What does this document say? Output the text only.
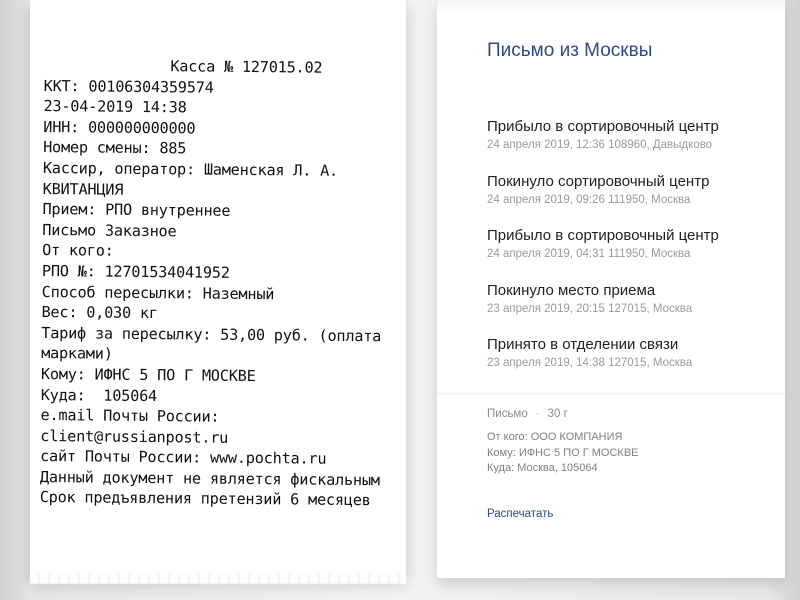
Касса № 127015.02
ККТ: 00106304359574
23-04-2019 14:38
ИНН: 000000000000
Номер смены: 885
Кассир, оператор: Шаменская Л. А.
КВИТАНЦИЯ
Прием: РПО внутреннее
Письмо Заказное
От кого:
РПО №: 12701534041952
Способ пересылки: Наземный
Вес: 0,030 кг
Тариф за пересылку: 53,00 руб. (оплата марками)
Кому: ИФНС 5 ПО Г МОСКВЕ
Куда:  105064
e.mail Почты России:
client@russianpost.ru
сайт Почты России: www.pochta.ru
Данный документ не является фискальным
Срок предъявления претензий 6 месяцев
Письмо из Москвы
Прибыло в сортировочный центр
24 апреля 2019, 12:36 108960, Давыдково
Покинуло сортировочный центр
24 апреля 2019, 09:26 111950, Москва
Прибыло в сортировочный центр
24 апреля 2019, 04:31 111950, Москва
Покинуло место приема
23 апреля 2019, 20:15 127015, Москва
Принято в отделении связи
23 апреля 2019, 14:38 127015, Москва
Письмо · 30 г
От кого: ООО КОМПАНИЯ
Кому: ИФНС 5 ПО Г МОСКВЕ
Куда: Москва, 105064
Распечатать
